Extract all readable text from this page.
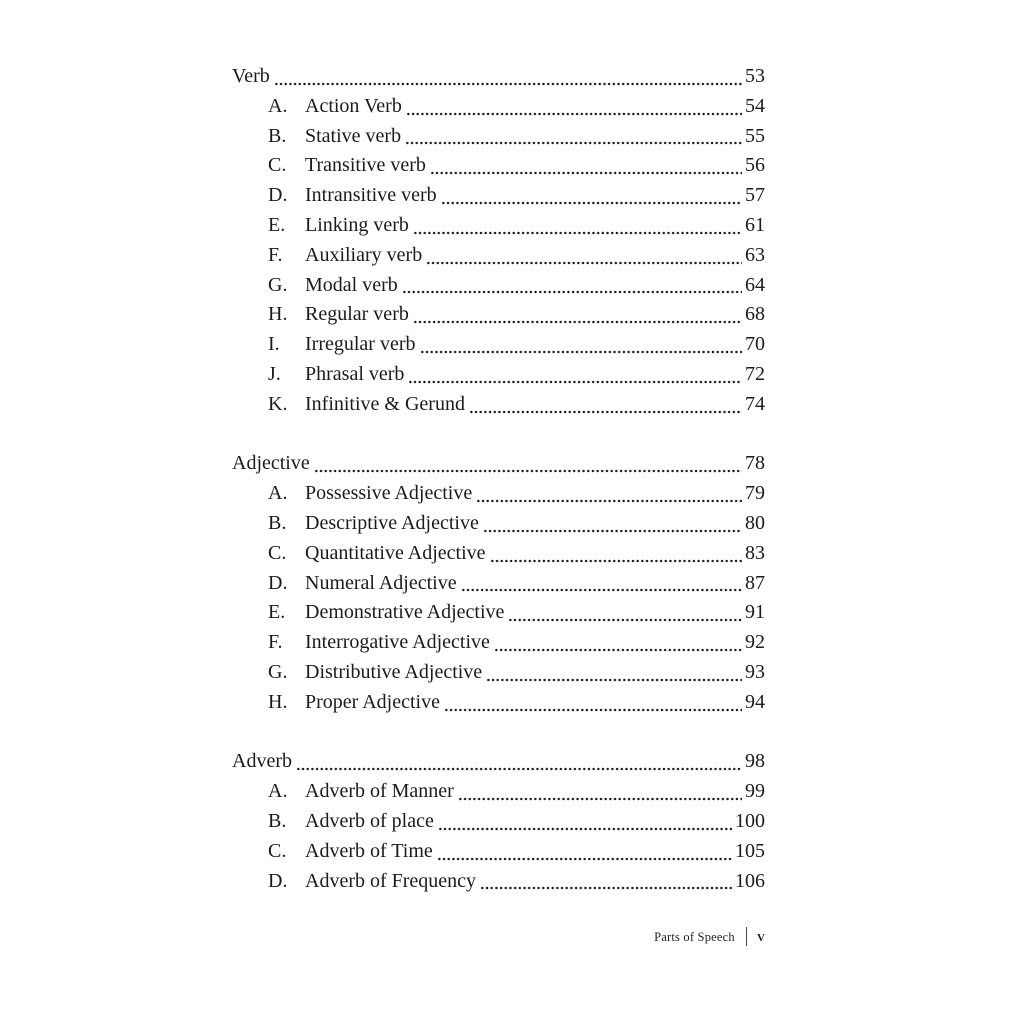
Verb	53
A. Action Verb	54
B. Stative verb	55
C. Transitive verb	56
D. Intransitive verb	57
E. Linking verb	61
F.	Auxiliary verb	63
G. Modal verb	64
H. Regular verb	68
I.	Irregular verb	70
J.	Phrasal verb	72
K. Infinitive & Gerund	74
Adjective	78
A. Possessive Adjective	79
B. Descriptive Adjective	80
C. Quantitative Adjective	83
D. Numeral Adjective	87
E. Demonstrative Adjective	91
F.	Interrogative Adjective	92
G. Distributive Adjective	93
H. Proper Adjective	94
Adverb	98
A. Adverb of Manner	99
B. Adverb of place	100
C. Adverb of Time	105
D. Adverb of Frequency	106
Parts of Speech v
